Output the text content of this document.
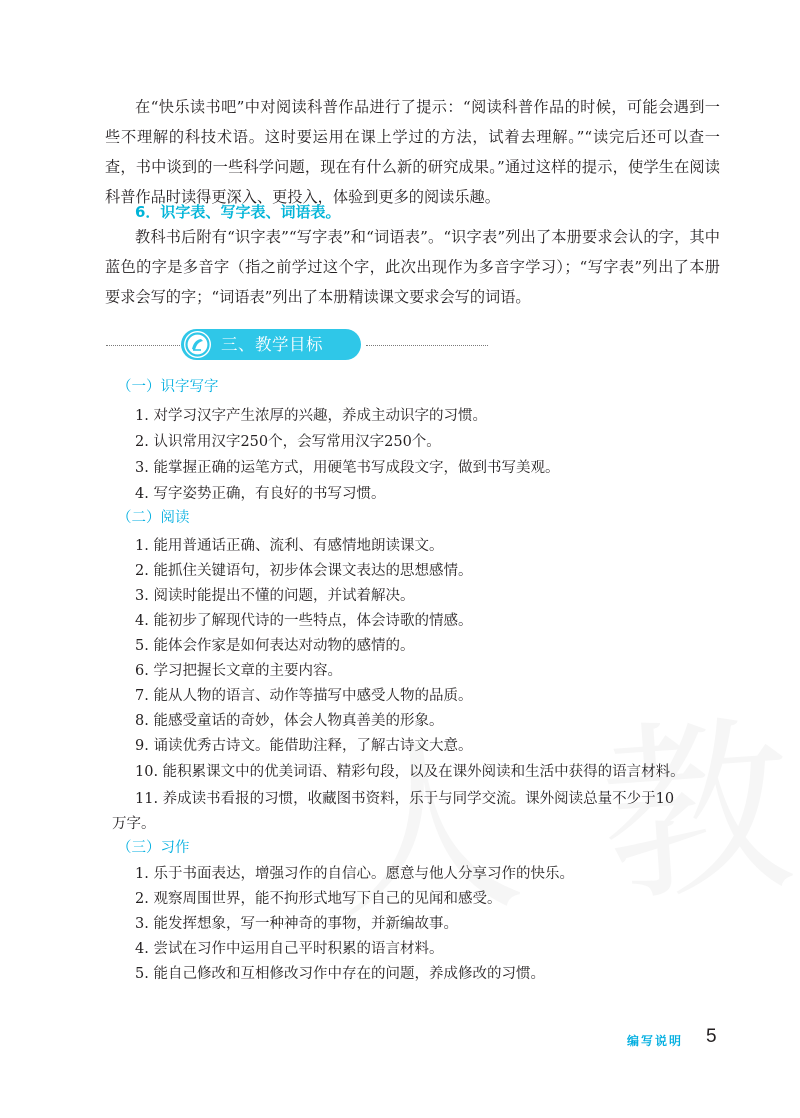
在“快乐读书吧”中对阅读科普作品进行了提示：“阅读科普作品的时候，可能会遇到一些不理解的科技术语。这时要运用在课上学过的方法，试着去理解。”“读完后还可以查一查，书中谈到的一些科学问题，现在有什么新的研究成果。”通过这样的提示，使学生在阅读科普作品时读得更深入、更投入，体验到更多的阅读乐趣。

6．识字表、写字表、词语表。

教科书后附有“识字表”“写字表”和“词语表”。“识字表”列出了本册要求会认的字，其中蓝色的字是多音字（指之前学过这个字，此次出现作为多音字学习）；“写字表”列出了本册要求会写的字；“词语表”列出了本册精读课文要求会写的词语。

三、教学目标

（一）识字写字

1. 对学习汉字产生浓厚的兴趣，养成主动识字的习惯。

2. 认识常用汉字250个，会写常用汉字250个。

3. 能掌握正确的运笔方式，用硬笔书写成段文字，做到书写美观。

4. 写字姿势正确，有良好的书写习惯。

（二）阅读

1. 能用普通话正确、流利、有感情地朗读课文。

2. 能抓住关键语句，初步体会课文表达的思想感情。

3. 阅读时能提出不懂的问题，并试着解决。

4. 能初步了解现代诗的一些特点，体会诗歌的情感。

5. 能体会作家是如何表达对动物的感情的。

6. 学习把握长文章的主要内容。

7. 能从人物的语言、动作等描写中感受人物的品质。

8. 能感受童话的奇妙，体会人物真善美的形象。

9. 诵读优秀古诗文。能借助注释，了解古诗文大意。

10. 能积累课文中的优美词语、精彩句段，以及在课外阅读和生活中获得的语言材料。

11. 养成读书看报的习惯，收藏图书资料，乐于与同学交流。课外阅读总量不少于10

万字。

（三）习作

1. 乐于书面表达，增强习作的自信心。愿意与他人分享习作的快乐。

2. 观察周围世界，能不拘形式地写下自己的见闻和感受。

3. 能发挥想象，写一种神奇的事物，并新编故事。

4. 尝试在习作中运用自己平时积累的语言材料。

5. 能自己修改和互相修改习作中存在的问题，养成修改的习惯。

编写说明 5
